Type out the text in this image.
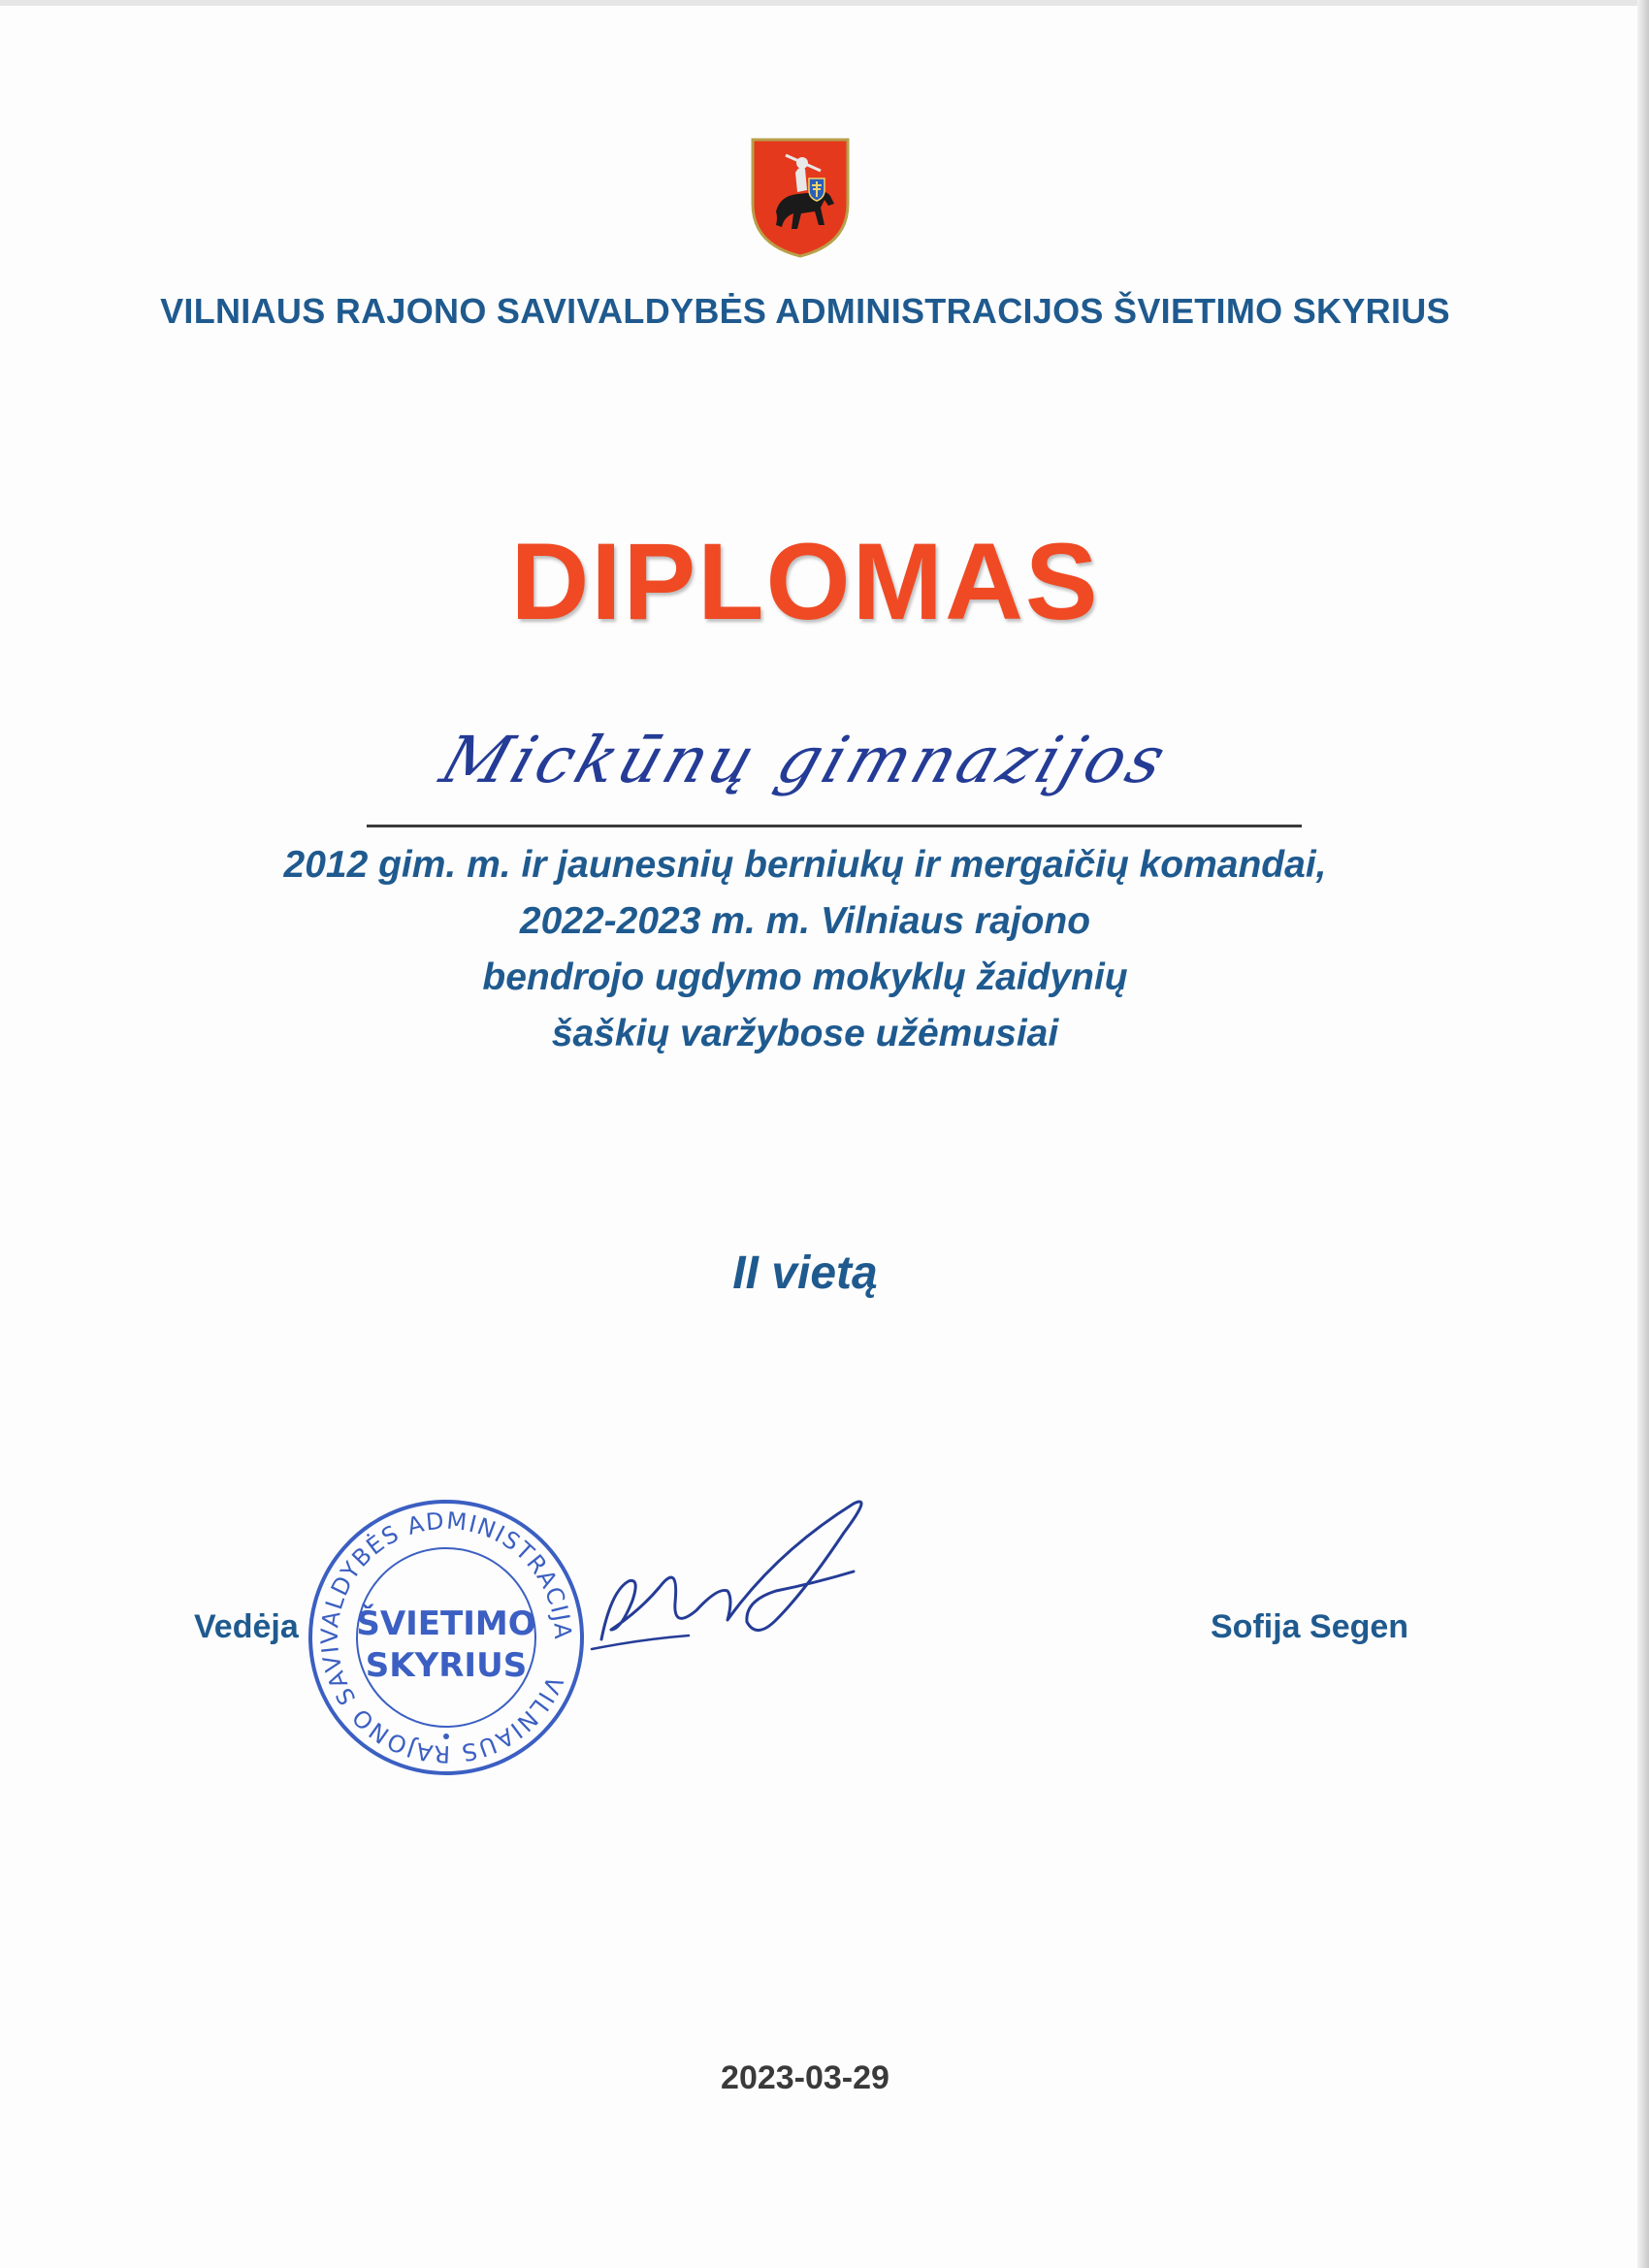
VILNIAUS RAJONO SAVIVALDYBĖS ADMINISTRACIJOS ŠVIETIMO SKYRIUS
DIPLOMAS
Mickūnų gimnazijos
2012 gim. m. ir jaunesnių berniukų ir mergaičių komandai,
2022-2023 m. m. Vilniaus rajono
bendrojo ugdymo mokyklų žaidynių
šaškių varžybose užėmusiai
II vietą
Vedėja
VILNIAUS RAJONO SAVIVALDYBĖS ADMINISTRACIJA
ŠVIETIMO
SKYRIUS
Sofija Segen
2023-03-29
